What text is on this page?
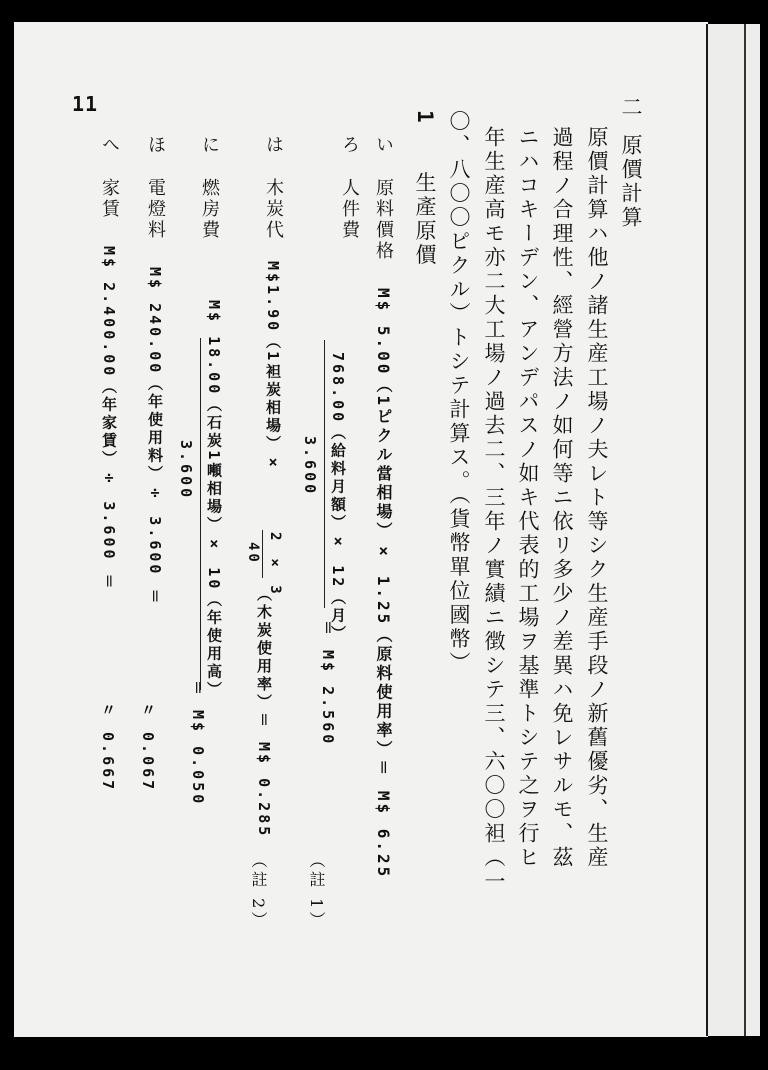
11	二原價計算
原價計算ハ他ノ諸生産工場ノ夫レト等シク生産手段ノ新舊優劣、生産
過程ノ合理性、經營方法ノ如何等ニ依リ多少ノ差異ハ免レサルモ、茲
ニハコキーデン、アンデパスノ如キ代表的工場ヲ基準トシテ之ヲ行ヒ
年生産高モ亦二大工場ノ過去二、三年ノ實績ニ徴シテ三、六〇〇袒（一
〇、八〇〇ピクル）トシテ計算ス。（貨幣單位國幣）
1生產原價
い原料價格M$ 5.00（1ピクル當相場）× 1.25（原料使用率）＝ M$ 6.25
ろ人件費
768.00（給料月額）× 12（月）
3.600
＝ M$ 2.560
（註 1）
は木炭代M$1.90（1袒炭相場）×
2 × 3
40
（木炭使用率）＝ M$ 0.285
（註 2）
に燃房費
M$ 18.00（石炭1噸相場）× 10（年使用高）
3.600
＝ M$ 0.050
ほ電燈料M$ 240.00（年使用料）÷ 3.600 ＝
〃 0.067
へ家賃M$ 2.400.00（年家賃）÷ 3.600 ＝
〃 0.667
